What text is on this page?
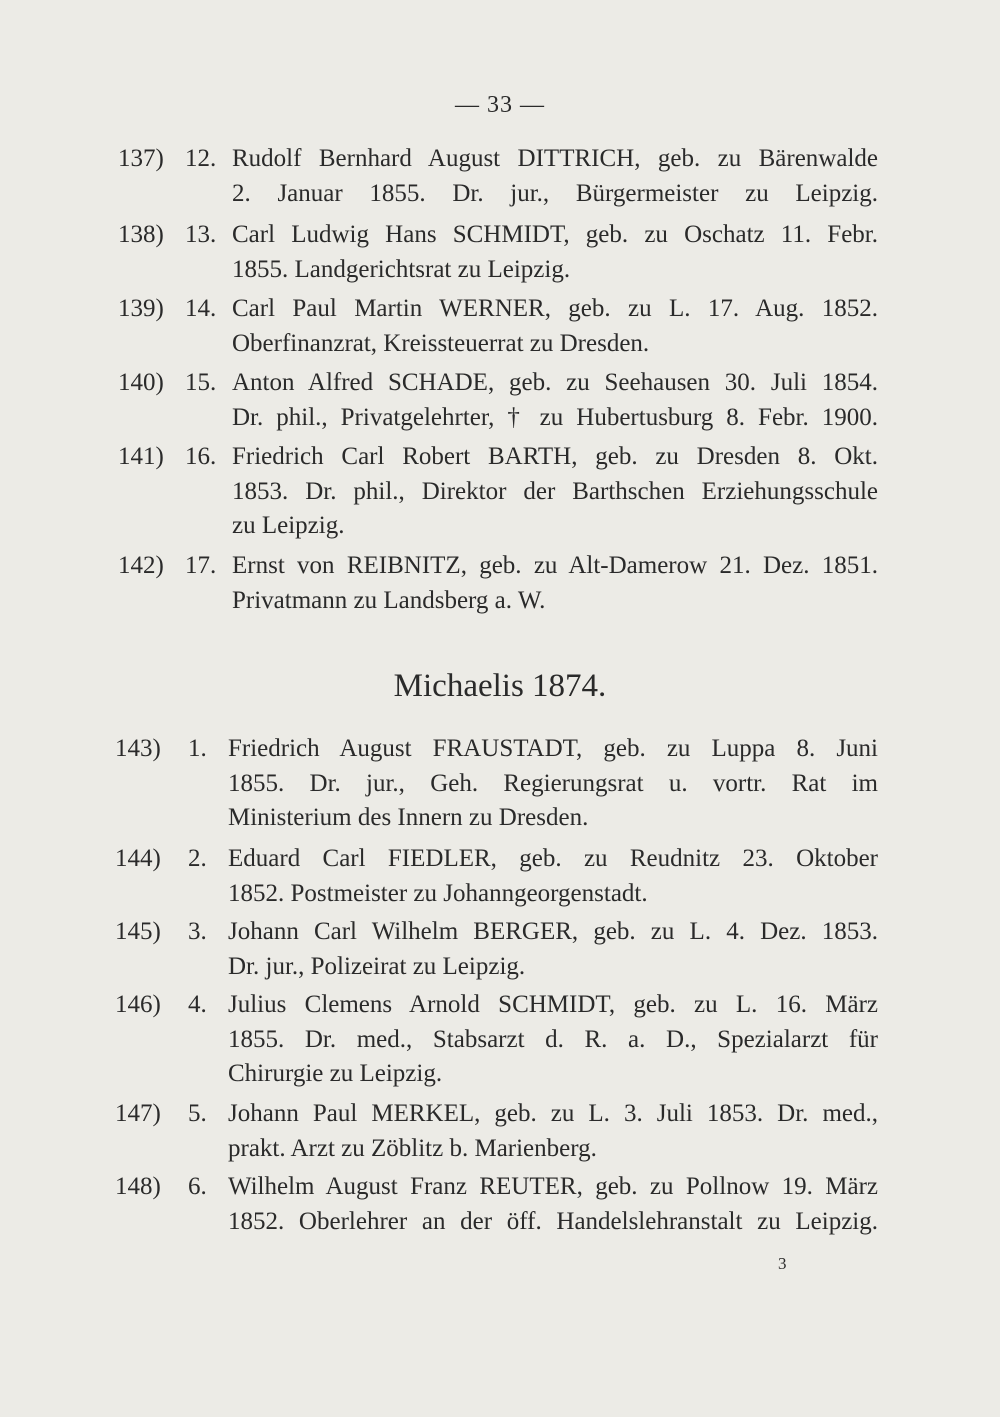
— 33 —
Michaelis 1874.
3
137) 12. Rudolf Bernhard August DITTRICH, geb. zu Bärenwalde
2. Januar 1855. Dr. jur., Bürgermeister zu Leipzig.
138) 13. Carl Ludwig Hans SCHMIDT, geb. zu Oschatz 11. Febr.
1855. Landgerichtsrat zu Leipzig.
139) 14. Carl Paul Martin WERNER, geb. zu L. 17. Aug. 1852.
Oberfinanzrat, Kreissteuerrat zu Dresden.
140) 15. Anton Alfred SCHADE, geb. zu Seehausen 30. Juli 1854.
Dr. phil., Privatgelehrter, † zu Hubertusburg 8. Febr. 1900.
141) 16. Friedrich Carl Robert BARTH, geb. zu Dresden 8. Okt.
1853. Dr. phil., Direktor der Barthschen Erziehungsschule
zu Leipzig.
142) 17. Ernst von REIBNITZ, geb. zu Alt-Damerow 21. Dez. 1851.
Privatmann zu Landsberg a. W.
143)	1. Friedrich August FRAUSTADT, geb. zu Luppa 8. Juni
1855. Dr. jur., Geh. Regierungsrat u. vortr. Rat im
Ministerium des Innern zu Dresden.
144)	2. Eduard Carl FIEDLER, geb. zu Reudnitz 23. Oktober
1852. Postmeister zu Johanngeorgenstadt.
145)	3. Johann Carl Wilhelm BERGER, geb. zu L. 4. Dez. 1853.
Dr. jur., Polizeirat zu Leipzig.
146)	4. Julius Clemens Arnold SCHMIDT, geb. zu L. 16. März
1855. Dr. med., Stabsarzt d. R. a. D., Spezialarzt für
Chirurgie zu Leipzig.
147)	5. Johann Paul MERKEL, geb. zu L. 3. Juli 1853. Dr. med.,
prakt. Arzt zu Zöblitz b. Marienberg.
148)	6. Wilhelm August Franz REUTER, geb. zu Pollnow 19. März
1852. Oberlehrer an der öff. Handelslehranstalt zu Leipzig.
